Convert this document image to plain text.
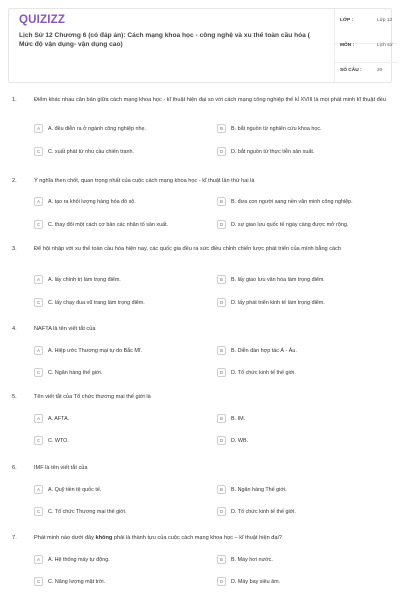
QUIZIZZ
Lịch Sử 12 Chương 6 (có đáp án): Cách mạng khoa học - công nghệ và xu thế toàn cầu hóa ( Mức độ vận dụng- vận dụng cao)
LỚP :	Lớp 12
MÔN :	Lịch sử
SỐ CÂU :	20
1.	Điểm khác nhau căn bản giữa cách mạng khoa học - kĩ thuật hiện đại so với cách mạng công nghiệp thế kỉ XVIII là mọi phát minh kĩ thuật đều
A	A. đều diễn ra ở ngành công nghiệp nhẹ.	B	B. bắt nguồn từ nghiên cứu khoa học.
C	C. xuất phát từ nhu cầu chiến tranh.	D	D. bắt nguồn từ thực tiễn sản xuất.
2.	Ý nghĩa then chốt, quan trọng nhất của cuộc cách mạng khoa học - kĩ thuật lần thứ hai là
A	A. tạo ra khối lượng hàng hóa đồ sộ.	B	B. đưa con người sang nền văn minh công nghiệp.
C	C. thay đổi một cách cơ bản các nhân tố sản xuất.	D	D. sự giao lưu quốc tế ngày càng được mở rộng.
3.	Để hội nhập với xu thế toàn cầu hóa hiện nay, các quốc gia đều ra sức điều chỉnh chiến lược phát triển của mình bằng cách
A	A. lấy chính trị làm trọng điểm.	B	B. lấy giao lưu văn hóa làm trọng điểm.
C	C. lấy chạy đua vũ trang làm trọng điểm.	D	D. lấy phát triển kinh tế làm trọng điểm.
4.	NAFTA là tên viết tắt của
A	A. Hiệp ước Thương mại tự do Bắc Mĩ.	B	B. Diễn đàn hợp tác Á - Âu.
C	C. Ngân hàng thế giới.	D	D. Tổ chức kinh tế thế giới.
5.	Tên viết tắt của Tổ chức thương mại thế giới là
A	A. AFTA.	B	B. IM.
C	C. WTO.	D	D. WB.
6.	IMF là tên viết tắt của
A	A. Quỹ tiền tệ quốc tế.	B	B. Ngân hàng Thế giới.
C	C. Tổ chức Thương mại thế giới.	D	D. Tổ chức kinh tế thế giới.
7.	Phát minh nào dưới đây không phải là thành tựu của cuộc cách mạng khoa học – kĩ thuật hiện đại?
A	A. Hệ thống máy tự động.	B	B. Máy hơi nước.
C	C. Năng lượng mặt trời.	D	D. Máy bay siêu âm.
